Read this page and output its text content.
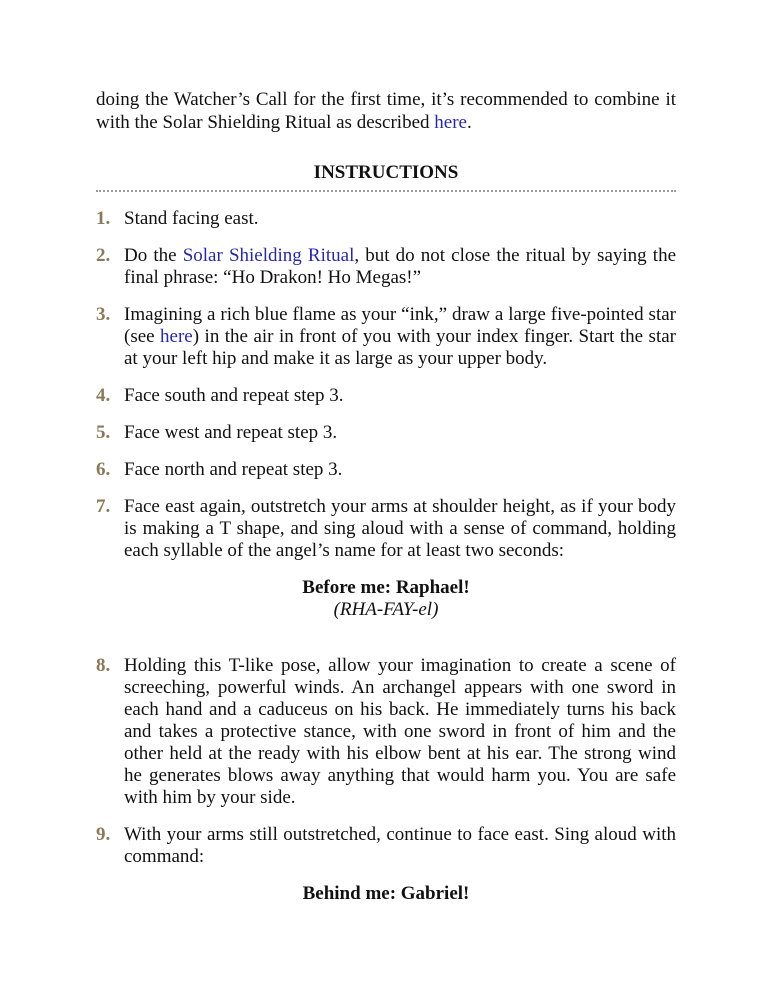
doing the Watcher’s Call for the first time, it’s recommended to combine it with the Solar Shielding Ritual as described here.

INSTRUCTIONS
1. Stand facing east.
2. Do the Solar Shielding Ritual, but do not close the ritual by saying the final phrase: “Ho Drakon! Ho Megas!”
3. Imagining a rich blue flame as your “ink,” draw a large five-pointed star (see here) in the air in front of you with your index finger. Start the star at your left hip and make it as large as your upper body.
4. Face south and repeat step 3.
5. Face west and repeat step 3.
6. Face north and repeat step 3.
7. Face east again, outstretch your arms at shoulder height, as if your body is making a T shape, and sing aloud with a sense of command, holding each syllable of the angel’s name for at least two seconds:
Before me: Raphael!
(RHA-FAY-el)
8. Holding this T-like pose, allow your imagination to create a scene of screeching, powerful winds. An archangel appears with one sword in each hand and a caduceus on his back. He immediately turns his back and takes a protective stance, with one sword in front of him and the other held at the ready with his elbow bent at his ear. The strong wind he generates blows away anything that would harm you. You are safe with him by your side.
9. With your arms still outstretched, continue to face east. Sing aloud with command:
Behind me: Gabriel!
